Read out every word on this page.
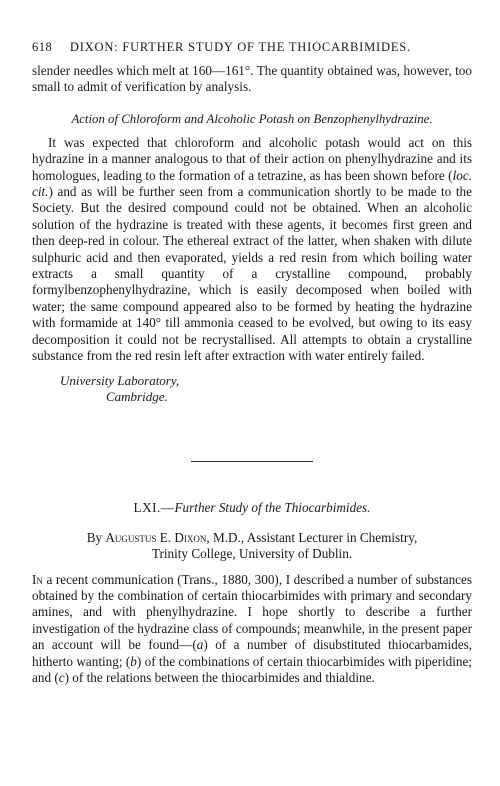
618 DIXON: FURTHER STUDY OF THE THIOCARBIMIDES.

slender needles which melt at 160—161°. The quantity obtained was, however, too small to admit of verification by analysis.

Action of Chloroform and Alcoholic Potash on Benzophenylhydrazine.

It was expected that chloroform and alcoholic potash would act on this hydrazine in a manner analogous to that of their action on phenylhydrazine and its homologues, leading to the formation of a tetrazine, as has been shown before (loc. cit.) and as will be further seen from a communication shortly to be made to the Society. But the desired compound could not be obtained. When an alcoholic solution of the hydrazine is treated with these agents, it becomes first green and then deep-red in colour. The ethereal extract of the latter, when shaken with dilute sulphuric acid and then evaporated, yields a red resin from which boiling water extracts a small quantity of a crystalline compound, probably formylbenzophenylhydrazine, which is easily decomposed when boiled with water; the same compound appeared also to be formed by heating the hydrazine with formamide at 140° till ammonia ceased to be evolved, but owing to its easy decomposition it could not be recrystallised. All attempts to obtain a crystalline substance from the red resin left after extraction with water entirely failed.

University Laboratory,
Cambridge.
LXI.—Further Study of the Thiocarbimides.
By Augustus E. Dixon, M.D., Assistant Lecturer in Chemistry,
Trinity College, University of Dublin.

In a recent communication (Trans., 1880, 300), I described a number of substances obtained by the combination of certain thiocarbimides with primary and secondary amines, and with phenylhydrazine. I hope shortly to describe a further investigation of the hydrazine class of compounds; meanwhile, in the present paper an account will be found—(a) of a number of disubstituted thiocarbamides, hitherto wanting; (b) of the combinations of certain thiocarbimides with piperidine; and (c) of the relations between the thiocarbimides and thialdine.
